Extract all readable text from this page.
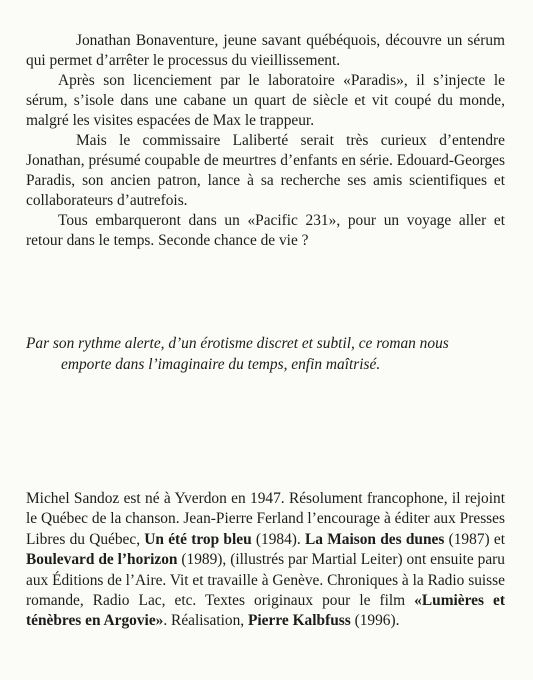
Jonathan Bonaventure, jeune savant québéquois, découvre un sérum qui permet d’arrêter le processus du vieillissement.

Après son licenciement par le laboratoire «Paradis», il s’injecte le sérum, s’isole dans une cabane un quart de siècle et vit coupé du monde, malgré les visites espacées de Max le trappeur.

Mais le commissaire Laliberté serait très curieux d’entendre Jonathan, présumé coupable de meurtres d’enfants en série. Edouard-Georges Paradis, son ancien patron, lance à sa recherche ses amis scientifiques et collaborateurs d’autrefois.

Tous embarqueront dans un «Pacific 231», pour un voyage aller et retour dans le temps. Seconde chance de vie ?

Par son rythme alerte, d’un érotisme discret et subtil, ce roman nous
emporte dans l’imaginaire du temps, enfin maîtrisé.

Michel Sandoz est né à Yverdon en 1947. Résolument francophone, il rejoint le Québec de la chanson. Jean-Pierre Ferland l’encourage à éditer aux Presses Libres du Québec, Un été trop bleu (1984). La Maison des dunes (1987) et Boulevard de l’horizon (1989), (illustrés par Martial Leiter) ont ensuite paru aux Éditions de l’Aire. Vit et travaille à Genève. Chroniques à la Radio suisse romande, Radio Lac, etc. Textes originaux pour le film «Lumières et ténèbres en Argovie». Réalisation, Pierre Kalbfuss (1996).
